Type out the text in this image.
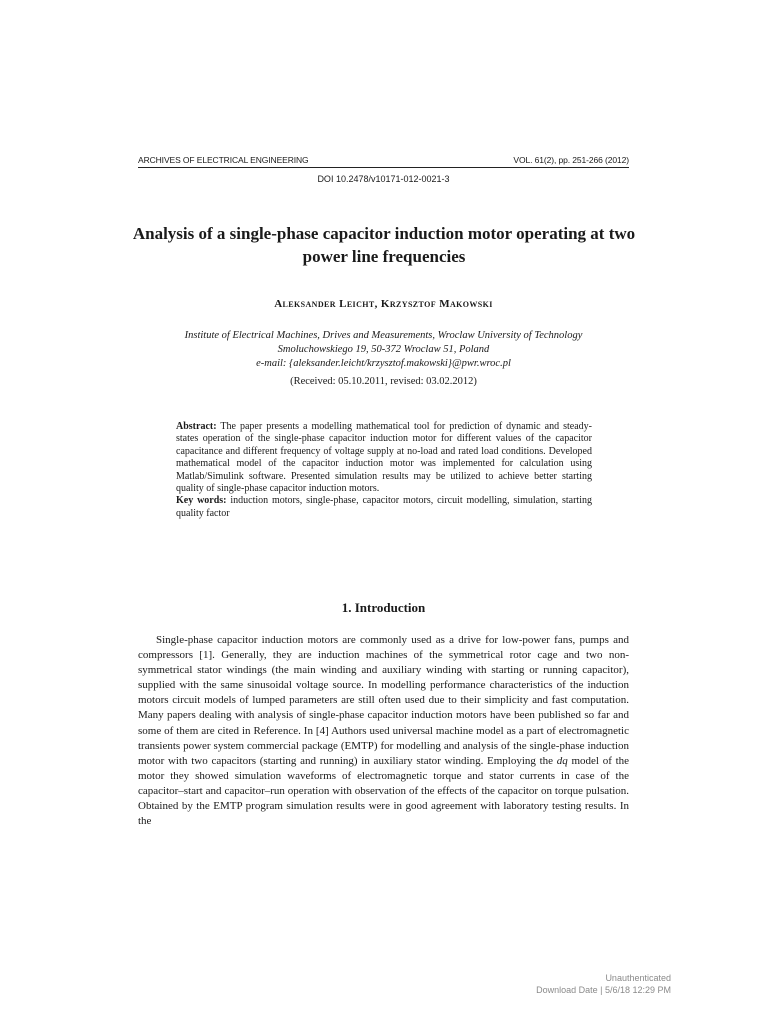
ARCHIVES OF ELECTRICAL ENGINEERING	VOL. 61(2), pp. 251-266 (2012)
DOI 10.2478/v10171-012-0021-3
Analysis of a single-phase capacitor induction motor operating at two power line frequencies
Aleksander Leicht, Krzysztof Makowski
Institute of Electrical Machines, Drives and Measurements, Wroclaw University of Technology
Smoluchowskiego 19, 50-372 Wroclaw 51, Poland
e-mail: {aleksander.leicht/krzysztof.makowski}@pwr.wroc.pl
(Received: 05.10.2011, revised: 03.02.2012)

Abstract: The paper presents a modelling mathematical tool for prediction of dynamic and steady-states operation of the single-phase capacitor induction motor for different values of the capacitor capacitance and different frequency of voltage supply at no-load and rated load conditions. Developed mathematical model of the capacitor induction motor was implemented for calculation using Matlab/Simulink software. Presented simulation results may be utilized to achieve better starting quality of single-phase capacitor induction motors.

Key words: induction motors, single-phase, capacitor motors, circuit modelling, simulation, starting quality factor

1. Introduction

Single-phase capacitor induction motors are commonly used as a drive for low-power fans, pumps and compressors [1]. Generally, they are induction machines of the symmetrical rotor cage and two non-symmetrical stator windings (the main winding and auxiliary winding with starting or running capacitor), supplied with the same sinusoidal voltage source. In modelling performance characteristics of the induction motors circuit models of lumped parameters are still often used due to their simplicity and fast computation. Many papers dealing with analysis of single-phase capacitor induction motors have been published so far and some of them are cited in Reference. In [4] Authors used universal machine model as a part of electromagnetic transients power system commercial package (EMTP) for modelling and analysis of the single-phase induction motor with two capacitors (starting and running) in auxiliary stator winding. Employing the dq model of the motor they showed simulation waveforms of electromagnetic torque and stator currents in case of the capacitor–start and capacitor–run operation with observation of the effects of the capacitor on torque pulsation. Obtained by the EMTP program simulation results were in good agreement with laboratory testing results. In the

Unauthenticated
Download Date | 5/6/18 12:29 PM
